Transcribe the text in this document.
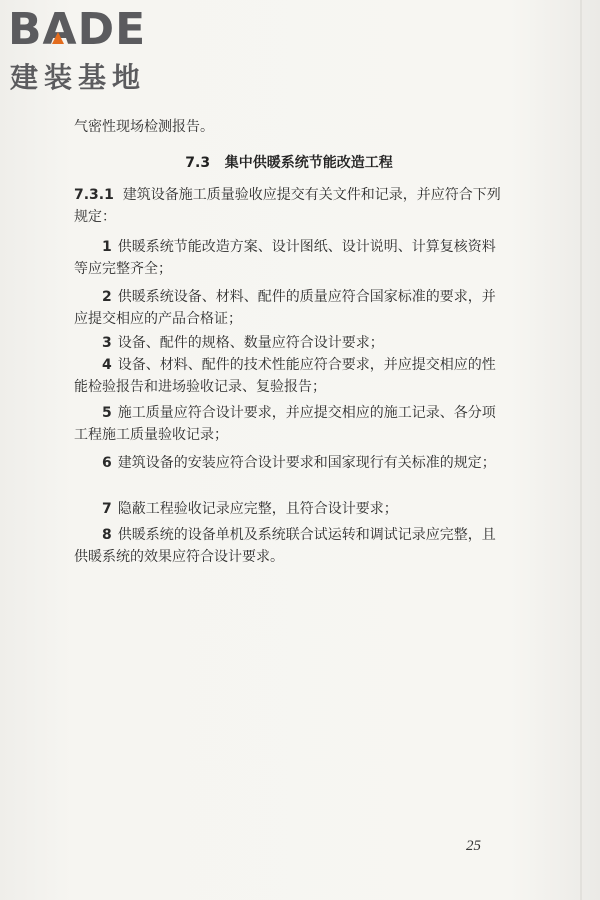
BADE
建装基地

气密性现场检测报告。

7.3 集中供暖系统节能改造工程

7.3.1 建筑设备施工质量验收应提交有关文件和记录，并应符合下列规定：

1 供暖系统节能改造方案、设计图纸、设计说明、计算复核资料等应完整齐全；

2 供暖系统设备、材料、配件的质量应符合国家标准的要求，并应提交相应的产品合格证；

3 设备、配件的规格、数量应符合设计要求；

4 设备、材料、配件的技术性能应符合要求，并应提交相应的性能检验报告和进场验收记录、复验报告；

5 施工质量应符合设计要求，并应提交相应的施工记录、各分项工程施工质量验收记录；

6 建筑设备的安装应符合设计要求和国家现行有关标准的规定；

7 隐蔽工程验收记录应完整，且符合设计要求；

8 供暖系统的设备单机及系统联合试运转和调试记录应完整，且供暖系统的效果应符合设计要求。

25
